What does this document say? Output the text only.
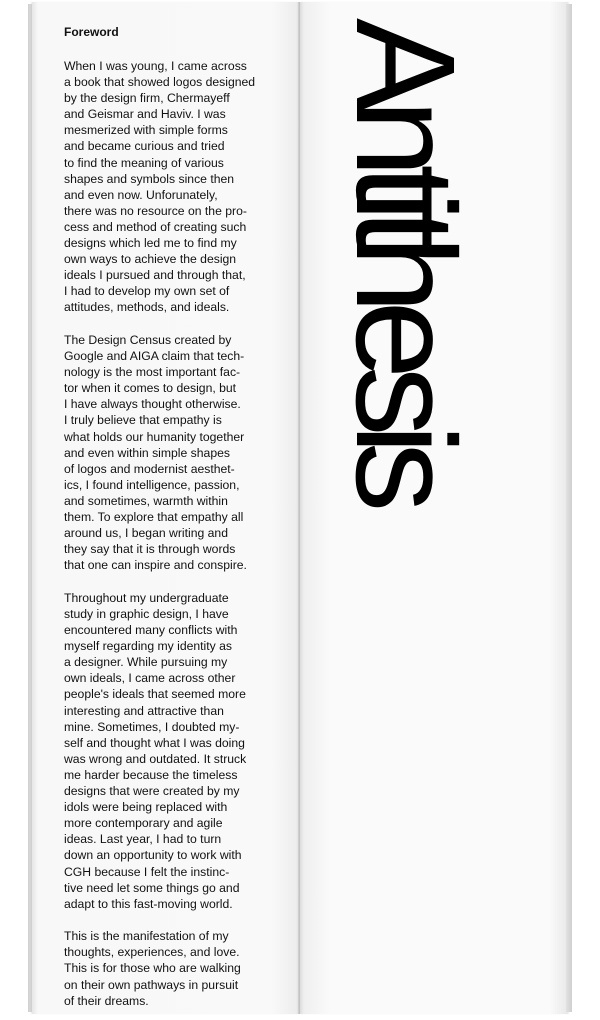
Foreword

When I was young, I came across
a book that showed logos designed
by the design firm, Chermayeff
and Geismar and Haviv. I was
mesmerized with simple forms
and became curious and tried
to find the meaning of various
shapes and symbols since then
and even now. Unforunately,
there was no resource on the pro-
cess and method of creating such
designs which led me to find my
own ways to achieve the design
ideals I pursued and through that,
I had to develop my own set of
attitudes, methods, and ideals.

The Design Census created by
Google and AIGA claim that tech-
nology is the most important fac-
tor when it comes to design, but
I have always thought otherwise.
I truly believe that empathy is
what holds our humanity together
and even within simple shapes
of logos and modernist aesthet-
ics, I found intelligence, passion,
and sometimes, warmth within
them. To explore that empathy all
around us, I began writing and
they say that it is through words
that one can inspire and conspire.

Throughout my undergraduate
study in graphic design, I have
encountered many conflicts with
myself regarding my identity as
a designer. While pursuing my
own ideals, I came across other
people's ideals that seemed more
interesting and attractive than
mine. Sometimes, I doubted my-
self and thought what I was doing
was wrong and outdated. It struck
me harder because the timeless
designs that were created by my
idols were being replaced with
more contemporary and agile
ideas. Last year, I had to turn
down an opportunity to work with
CGH because I felt the instinc-
tive need let some things go and
adapt to this fast-moving world.

This is the manifestation of my
thoughts, experiences, and love.
This is for those who are walking
on their own pathways in pursuit
of their dreams.

Antithesis
